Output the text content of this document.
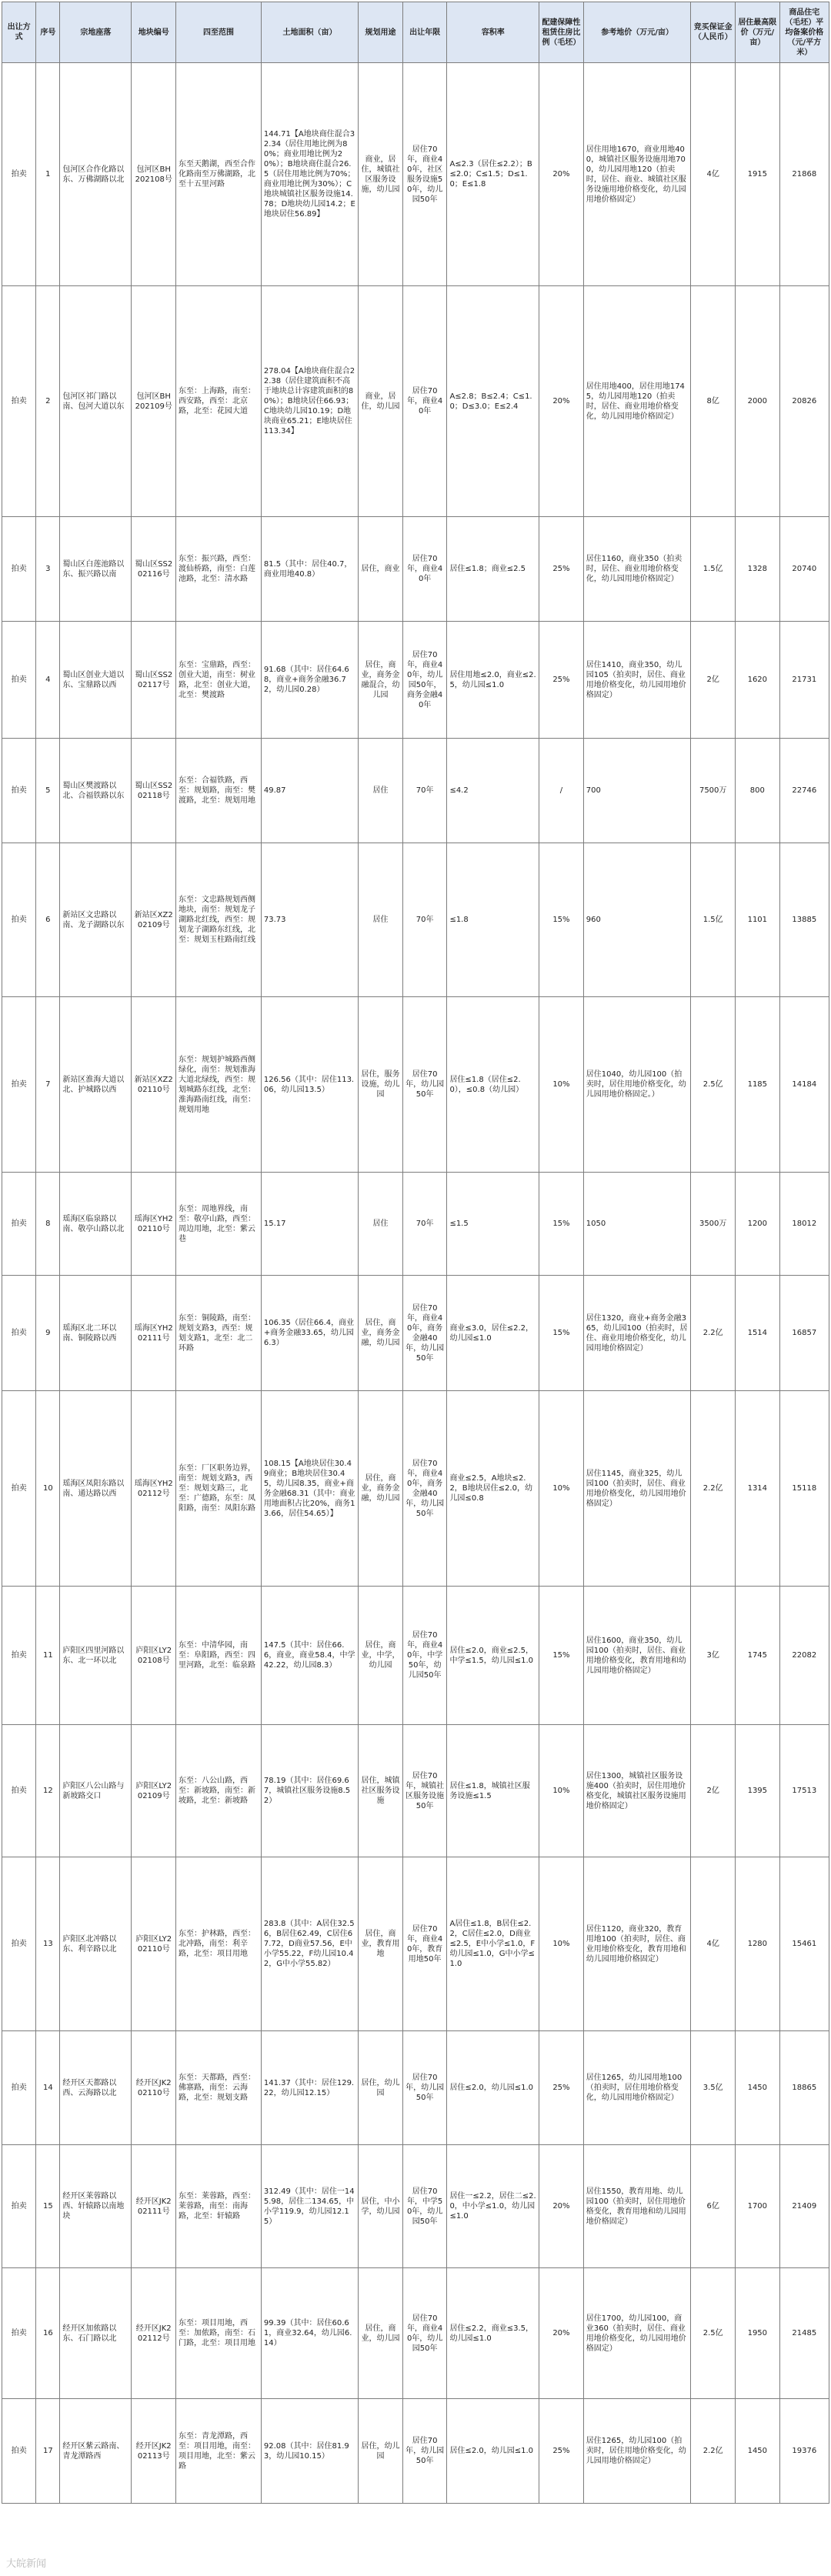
出让方式	序号	宗地座落	地块编号	四至范围	土地面积（亩）	规划用途	出让年限	容积率	配建保障性租赁住房比例（毛坯）	参考地价（万元/亩）	竞买保证金（人民币）	居住最高限价（万元/亩）	商品住宅（毛坯）平均备案价格（元/平方米）
拍卖	1	包河区合作化路以东、万佛湖路以北	包河区BH202108号	东至天鹅湖，西至合作化路南至万佛湖路，北至十五里河路	144.71【A地块商住混合32.34（居住用地比例为80%；商业用地比例为20%）；B地块商住混合26.5（居住用地比例为70%；商业用地比例为30%）；C地块城镇社区服务设施14.78；D地块幼儿园14.2；E地块居住56.89】	商业，居住，城镇社区服务设施，幼儿园	居住70年，商业40年，社区服务设施50年，幼儿园50年	A≤2.3（居住≤2.2）；B≤2.0；C≤1.5；D≤1.0；E≤1.8	20%	居住用地1670，商业用地400，城镇社区服务设施用地700，幼儿园用地120（拍卖时，居住、商业、城镇社区服务设施用地价格变化，幼儿园用地价格固定）	4亿	1915	21868
拍卖	2	包河区祁门路以南、包河大道以东	包河区BH202109号	东至：上海路，南至：西安路，西至：北京路，北至：花园大道	278.04【A地块商住混合22.38（居住建筑面积不高于地块总计容建筑面积的80%）；B地块居住66.93；C地块幼儿园10.19；D地块商业65.21；E地块居住113.34】	商业，居住，幼儿园	居住70年，商业40年	A≤2.8；B≤2.4；C≤1.0；D≤3.0；E≤2.4	20%	居住用地400，居住用地1745，幼儿园用地120（拍卖时，居住、商业用地价格变化，幼儿园用地价格固定）	8亿	2000	20826
拍卖	3	蜀山区白莲池路以东、振兴路以南	蜀山区SS202116号	东至：振兴路，西至：渡仙桥路，南至：白莲池路，北至：清水路	81.5（其中：居住40.7，商业用地40.8）	居住，商业	居住70年，商业40年	居住≤1.8；商业≤2.5	25%	居住1160，商业350（拍卖时，居住、商业用地价格变化，幼儿园用地价格固定）	1.5亿	1328	20740
拍卖	4	蜀山区创业大道以东、宝鼎路以西	蜀山区SS202117号	东至：宝鼎路，西至：创业大道，南至：树业路，北至：创业大道，北至：樊渡路	91.68（其中：居住64.68，商业+商务金融36.72，幼儿园0.28）	居住，商业，商务金融混合，幼儿园	居住70年，商业40年，幼儿园50年，商务金融40年	居住用地≤2.0，商业≤2.5，幼儿园≤1.0	25%	居住1410，商业350，幼儿园105（拍卖时，居住、商业用地价格变化，幼儿园用地价格固定）	2亿	1620	21731
拍卖	5	蜀山区樊渡路以北、合福铁路以东	蜀山区SS202118号	东至：合福铁路，西至：规划路，南至：樊渡路，北至：规划用地	49.87	居住	70年	≤4.2	/	700	7500万	800	22746
拍卖	6	新站区文忠路以南、龙子湖路以东	新站区XZ202109号	东至：文忠路规划西侧地块，南至：规划龙子湖路北红线，西至：规划龙子湖路东红线，北至：规划玉柱路南红线	73.73	居住	70年	≤1.8	15%	960	1.5亿	1101	13885
拍卖	7	新站区淮海大道以北、护城路以西	新站区XZ202110号	东至：规划护城路西侧绿化，南至：规划淮海大道北绿线，西至：规划城路东红线，北至：淮海路南红线，南至：规划用地	126.56（其中：居住113.06，幼儿园13.5）	居住，服务设施，幼儿园	居住70年，幼儿园50年	居住≤1.8（居住≤2.0），≤0.8（幼儿园）	10%	居住1040，幼儿园100（拍卖时，居住用地价格变化，幼儿园用地价格固定。）	2.5亿	1185	14184
拍卖	8	瑶海区临泉路以南、敬亭山路以北	瑶海区YH202110号	东至：周地界线，南至：敬亭山路，西至：周边用地，北至：紫云巷	15.17	居住	70年	≤1.5	15%	1050	3500万	1200	18012
拍卖	9	瑶海区北二环以南、铜陵路以西	瑶海区YH202111号	东至：铜陵路，南至：规划支路3，西至：规划支路1，北至：北二环路	106.35（居住66.4，商业+商务金融33.65，幼儿园6.3）	居住，商业，商务金融，幼儿园	居住70年，商业40年，商务金融40年，幼儿园50年	商业≤3.0，居住≤2.2，幼儿园≤1.0	15%	居住1320，商业+商务金融365，幼儿园100（拍卖时，居住、商业用地价格变化，幼儿园用地价格固定）	2.2亿	1514	16857
拍卖	10	瑶海区凤阳东路以南、通达路以西	瑶海区YH202112号	东至：厂区职务边界，南至：规划支路3，西至：规划支路三，北至：广德路，东至：凤阳路，南至：凤阳东路	108.15【A地块居住30.49商业；B地块居住30.45，幼儿园8.35，商业+商务金融68.31（其中：商业用地面积占比20%，商务13.66，居住54.65）】	居住，商业，商务金融，幼儿园	居住70年，商业40年，商务金融40年，幼儿园50年	商业≤2.5，A地块≤2.2，B地块居住≤2.0，幼儿园≤0.8	10%	居住1145，商业325，幼儿园100（拍卖时，居住、商业用地价格变化，幼儿园用地价格固定）	2.2亿	1314	15118
拍卖	11	庐阳区四里河路以东、北一环以北	庐阳区LY202108号	东至：中清华园，南至：阜阳路，西至：四里河路，北至：临泉路	147.5（其中：居住66.6，商业，商业58.4，中学42.22，幼儿园8.3）	居住，商业，中学，幼儿园	居住70年，商业40年，中学50年，幼儿园50年	居住≤2.0，商业≤2.5，中学≤1.5，幼儿园≤1.0	15%	居住1600，商业350，幼儿园100（拍卖时，居住、商业用地价格变化，教育用地和幼儿园用地价格固定）	3亿	1745	22082
拍卖	12	庐阳区八公山路与新坡路交口	庐阳区LY202109号	东至：八公山路，西至：新坡路，南至：新坡路，北至：新坡路	78.19（其中：居住69.67，城镇社区服务设施8.52）	居住，城镇社区服务设施	居住70年，城镇社区服务设施50年	居住≤1.8，城镇社区服务设施≤1.5	10%	居住1300，城镇社区服务设施400（拍卖时，居住用地价格变化，城镇社区服务设施用地价格固定）	2亿	1395	17513
拍卖	13	庐阳区北冲路以东、利辛路以北	庐阳区LY202110号	东至：护林路，西至：北冲路，南至：利辛路，北至：项目用地	283.8（其中：A居住32.56，B居住62.49，C居住67.72，D商业57.56，E中小学55.22，F幼儿园10.42，G中小学55.82）	居住，商业，教育用地	居住70年，商业40年，教育用地50年	A居住≤1.8，B居住≤2.2，C居住≤2.0，D商业≤2.5，E中小学≤1.0，F幼儿园≤1.0，G中小学≤1.0	10%	居住1120，商业320，教育用地100（拍卖时，居住、商业用地价格变化，教育用地和幼儿园用地价格固定）	4亿	1280	15461
拍卖	14	经开区天都路以西、云海路以北	经开区JK202110号	东至：天都路，西至：佛寨路，南至：云海路，北至：规划支路	141.37（其中：居住129.22，幼儿园12.15）	居住，幼儿园	居住70年，幼儿园50年	居住≤2.0，幼儿园≤1.0	25%	居住1265，幼儿园用地100（拍卖时，居住用地价格变化，幼儿园用地价格固定）	3.5亿	1450	18865
拍卖	15	经开区莱蓉路以西、轩辕路以南地块	经开区JK202111号	东至：莱蓉路，西至：莱蓉路，南至：南海路，北至：轩辕路	312.49（其中：居住一145.98，居住二134.65，中小学119.9，幼儿园12.15）	居住，中小学，幼儿园	居住70年，中学50年，幼儿园50年	居住一≤2.2，居住二≤2.0，中小学≤1.0，幼儿园≤1.0	20%	居住1550，教育用地、幼儿园100（拍卖时，居住用地价格变化，教育用地和幼儿园用地价格固定）	6亿	1700	21409
拍卖	16	经开区加侬路以东、石门路以北	经开区JK202112号	东至：项目用地，西至：加侬路，南至：石门路，北至：项目用地	99.39（其中：居住60.61，商业32.64，幼儿园6.14）	居住，商业，幼儿园	居住70年，商业40年，幼儿园50年	居住≤2.2，商业≤3.5，幼儿园≤1.0	20%	居住1700，幼儿园100，商业360（拍卖时，居住、商业用地价格变化，幼儿园用地价格固定）	2.5亿	1950	21485
拍卖	17	经开区紫云路南、青龙潭路西	经开区JK202113号	东至：青龙潭路，西至：项目用地，南至：项目用地，北至：紫云路	92.08（其中：居住81.93，幼儿园10.15）	居住，幼儿园	居住70年，幼儿园50年	居住≤2.0，幼儿园≤1.0	25%	居住1265，幼儿园100（拍卖时，居住用地价格变化，幼儿园用地价格固定）	2.2亿	1450	19376
大皖新闻
